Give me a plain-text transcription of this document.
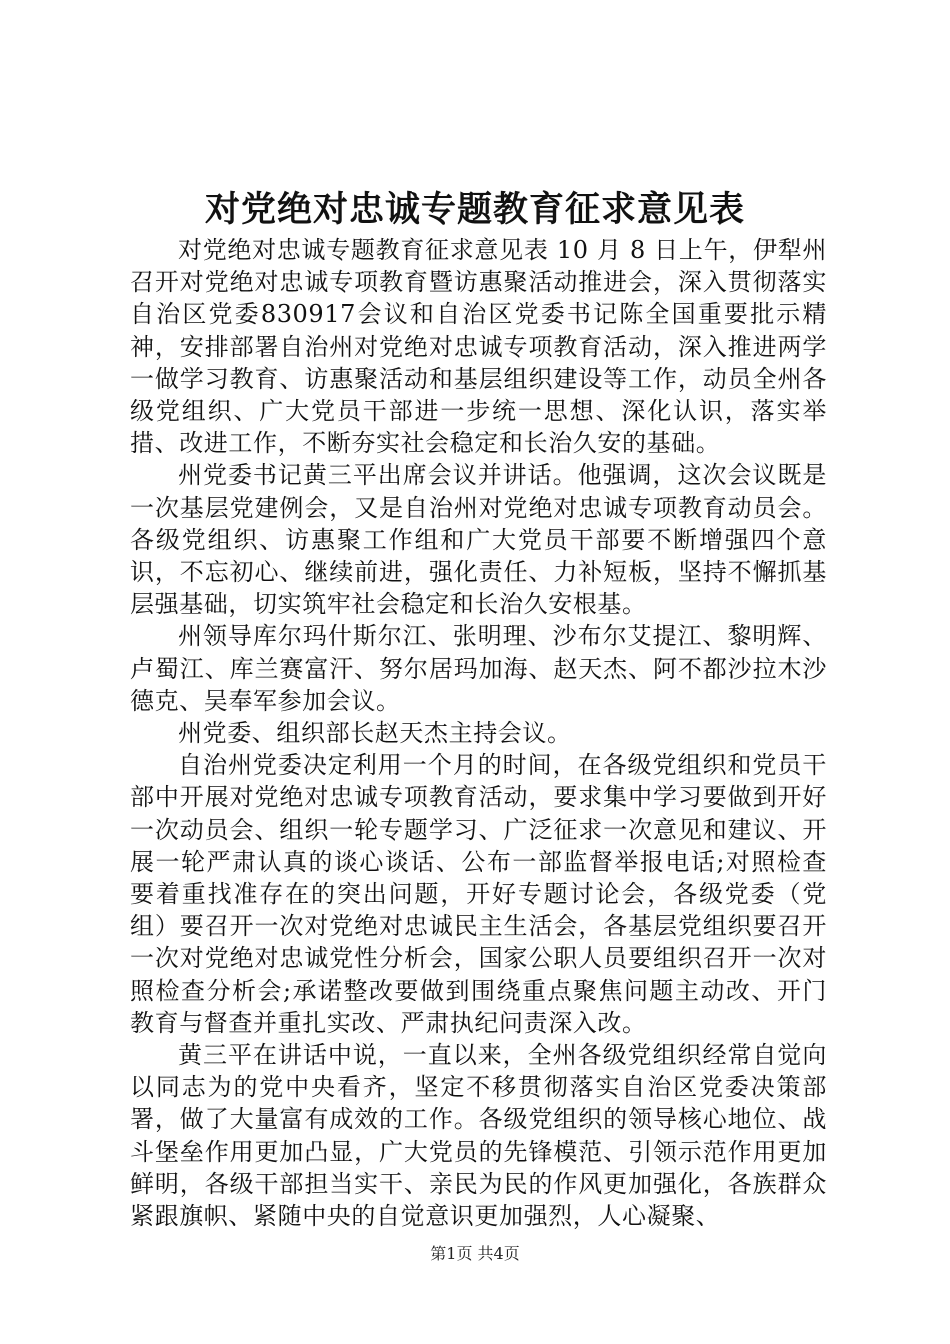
对党绝对忠诚专题教育征求意见表

对党绝对忠诚专题教育征求意见表 10 月 8 日上午，伊犁州召开对党绝对忠诚专项教育暨访惠聚活动推进会，深入贯彻落实自治区党委830917会议和自治区党委书记陈全国重要批示精神，安排部署自治州对党绝对忠诚专项教育活动，深入推进两学一做学习教育、访惠聚活动和基层组织建设等工作，动员全州各级党组织、广大党员干部进一步统一思想、深化认识，落实举措、改进工作，不断夯实社会稳定和长治久安的基础。

州党委书记黄三平出席会议并讲话。他强调，这次会议既是一次基层党建例会，又是自治州对党绝对忠诚专项教育动员会。各级党组织、访惠聚工作组和广大党员干部要不断增强四个意识，不忘初心、继续前进，强化责任、力补短板，坚持不懈抓基层强基础，切实筑牢社会稳定和长治久安根基。

州领导库尔玛什斯尔江、张明理、沙布尔艾提江、黎明辉、卢蜀江、库兰赛富汗、努尔居玛加海、赵天杰、阿不都沙拉木沙德克、吴奉军参加会议。

州党委、组织部长赵天杰主持会议。

自治州党委决定利用一个月的时间，在各级党组织和党员干部中开展对党绝对忠诚专项教育活动，要求集中学习要做到开好一次动员会、组织一轮专题学习、广泛征求一次意见和建议、开展一轮严肃认真的谈心谈话、公布一部监督举报电话;对照检查要着重找准存在的突出问题，开好专题讨论会，各级党委（党组）要召开一次对党绝对忠诚民主生活会，各基层党组织要召开一次对党绝对忠诚党性分析会，国家公职人员要组织召开一次对照检查分析会;承诺整改要做到围绕重点聚焦问题主动改、开门教育与督查并重扎实改、严肃执纪问责深入改。

黄三平在讲话中说，一直以来，全州各级党组织经常自觉向以同志为的党中央看齐，坚定不移贯彻落实自治区党委决策部署，做了大量富有成效的工作。各级党组织的领导核心地位、战斗堡垒作用更加凸显，广大党员的先锋模范、引领示范作用更加鲜明，各级干部担当实干、亲民为民的作风更加强化，各族群众紧跟旗帜、紧随中央的自觉意识更加强烈，人心凝聚、

第1页 共4页
